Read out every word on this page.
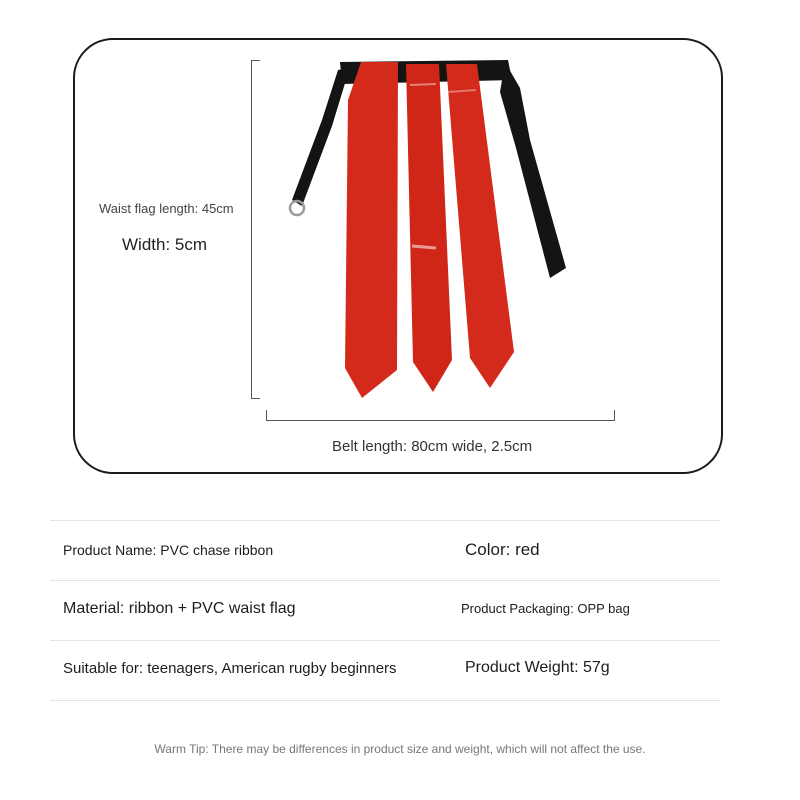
Waist flag length: 45cm
Width: 5cm
Belt length: 80cm wide, 2.5cm
Product Name: PVC chase ribbon	Color: red
Material: ribbon + PVC waist flag	Product Packaging: OPP bag
Suitable for: teenagers, American rugby beginners	Product Weight: 57g
Warm Tip: There may be differences in product size and weight, which will not affect the use.
